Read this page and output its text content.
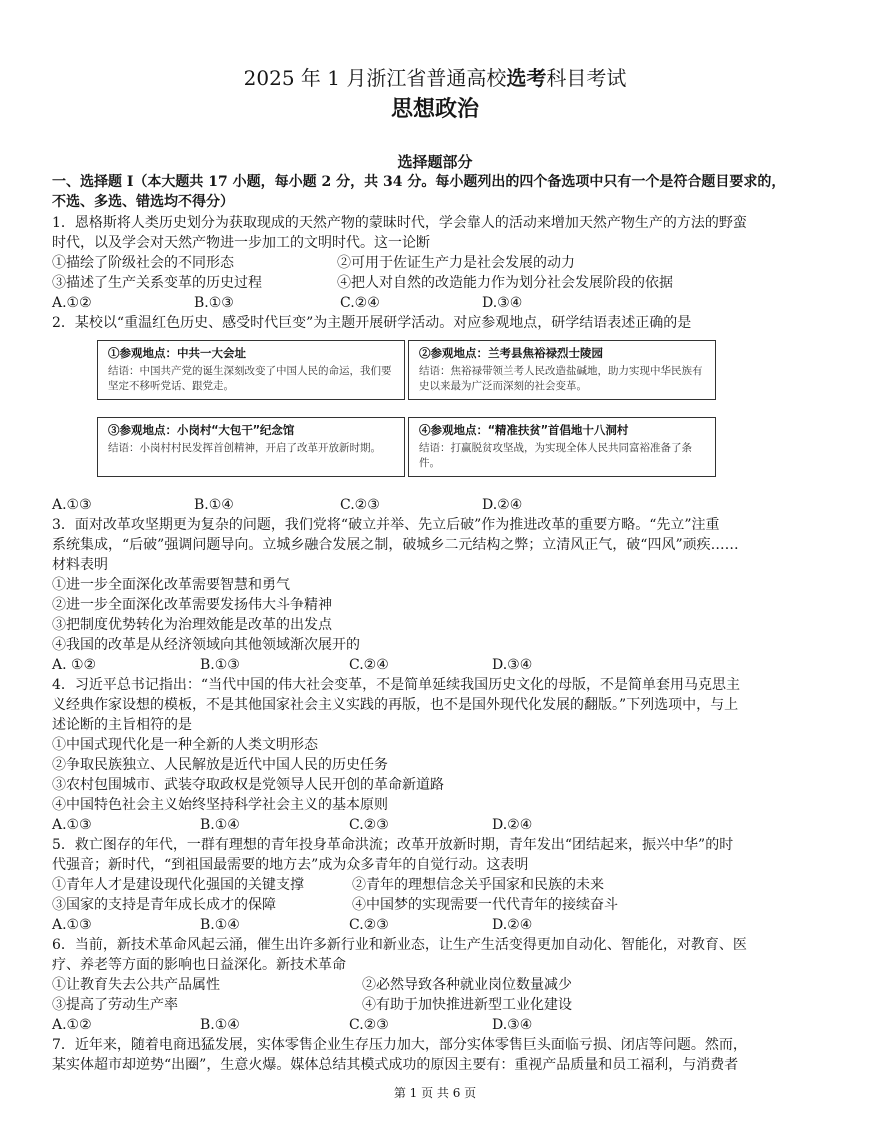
2025 年 1 月浙江省普通高校选考科目考试
思想政治
选择题部分
一、选择题 I（本大题共 17 小题，每小题 2 分，共 34 分。每小题列出的四个备选项中只有一个是符合题目要求的，
不选、多选、错选均不得分）
1．恩格斯将人类历史划分为获取现成的天然产物的蒙昧时代，学会靠人的活动来增加天然产物生产的方法的野蛮
时代，以及学会对天然产物进一步加工的文明时代。这一论断
①描绘了阶级社会的不同形态	②可用于佐证生产力是社会发展的动力
③描述了生产关系变革的历史过程	④把人对自然的改造能力作为划分社会发展阶段的依据
A.①②	B.①③	C.②④	D.③④
2．某校以“重温红色历史、感受时代巨变”为主题开展研学活动。对应参观地点，研学结语表述正确的是
①参观地点：中共一大会址
结语：中国共产党的诞生深刻改变了中国人民的命运，我们要坚定不移听党话、跟党走。
②参观地点：兰考县焦裕禄烈士陵园
结语：焦裕禄带领兰考人民改造盐碱地，助力实现中华民族有史以来最为广泛而深刻的社会变革。
③参观地点：小岗村“大包干”纪念馆
结语：小岗村村民发挥首创精神，开启了改革开放新时期。
④参观地点：“精准扶贫”首倡地十八洞村
结语：打赢脱贫攻坚战，为实现全体人民共同富裕准备了条件。
A.①③	B.①④	C.②③	D.②④
3．面对改革攻坚期更为复杂的问题，我们党将“破立并举、先立后破”作为推进改革的重要方略。“先立”注重
系统集成，“后破”强调问题导向。立城乡融合发展之制，破城乡二元结构之弊；立清风正气，破“四风”顽疾……
材料表明
①进一步全面深化改革需要智慧和勇气
②进一步全面深化改革需要发扬伟大斗争精神
③把制度优势转化为治理效能是改革的出发点
④我国的改革是从经济领域向其他领域渐次展开的
A. ①②	B.①③	C.②④	D.③④
4．习近平总书记指出：“当代中国的伟大社会变革，不是简单延续我国历史文化的母版，不是简单套用马克思主
义经典作家设想的模板，不是其他国家社会主义实践的再版，也不是国外现代化发展的翻版。”下列选项中，与上
述论断的主旨相符的是
①中国式现代化是一种全新的人类文明形态
②争取民族独立、人民解放是近代中国人民的历史任务
③农村包围城市、武装夺取政权是党领导人民开创的革命新道路
④中国特色社会主义始终坚持科学社会主义的基本原则
A.①③	B.①④	C.②③	D.②④
5．救亡图存的年代，一群有理想的青年投身革命洪流；改革开放新时期，青年发出“团结起来，振兴中华”的时
代强音；新时代，“到祖国最需要的地方去”成为众多青年的自觉行动。这表明
①青年人才是建设现代化强国的关键支撑	②青年的理想信念关乎国家和民族的未来
③国家的支持是青年成长成才的保障	④中国梦的实现需要一代代青年的接续奋斗
A.①③	B.①④	C.②③	D.②④
6．当前，新技术革命风起云涌，催生出许多新行业和新业态，让生产生活变得更加自动化、智能化，对教育、医
疗、养老等方面的影响也日益深化。新技术革命
①让教育失去公共产品属性	②必然导致各种就业岗位数量减少
③提高了劳动生产率	④有助于加快推进新型工业化建设
A.①②	B.①④	C.②③	D.③④
7．近年来，随着电商迅猛发展，实体零售企业生存压力加大，部分实体零售巨头面临亏损、闭店等问题。然而，
某实体超市却逆势“出圈”，生意火爆。媒体总结其模式成功的原因主要有：重视产品质量和员工福利，与消费者
第 1 页 共 6 页
